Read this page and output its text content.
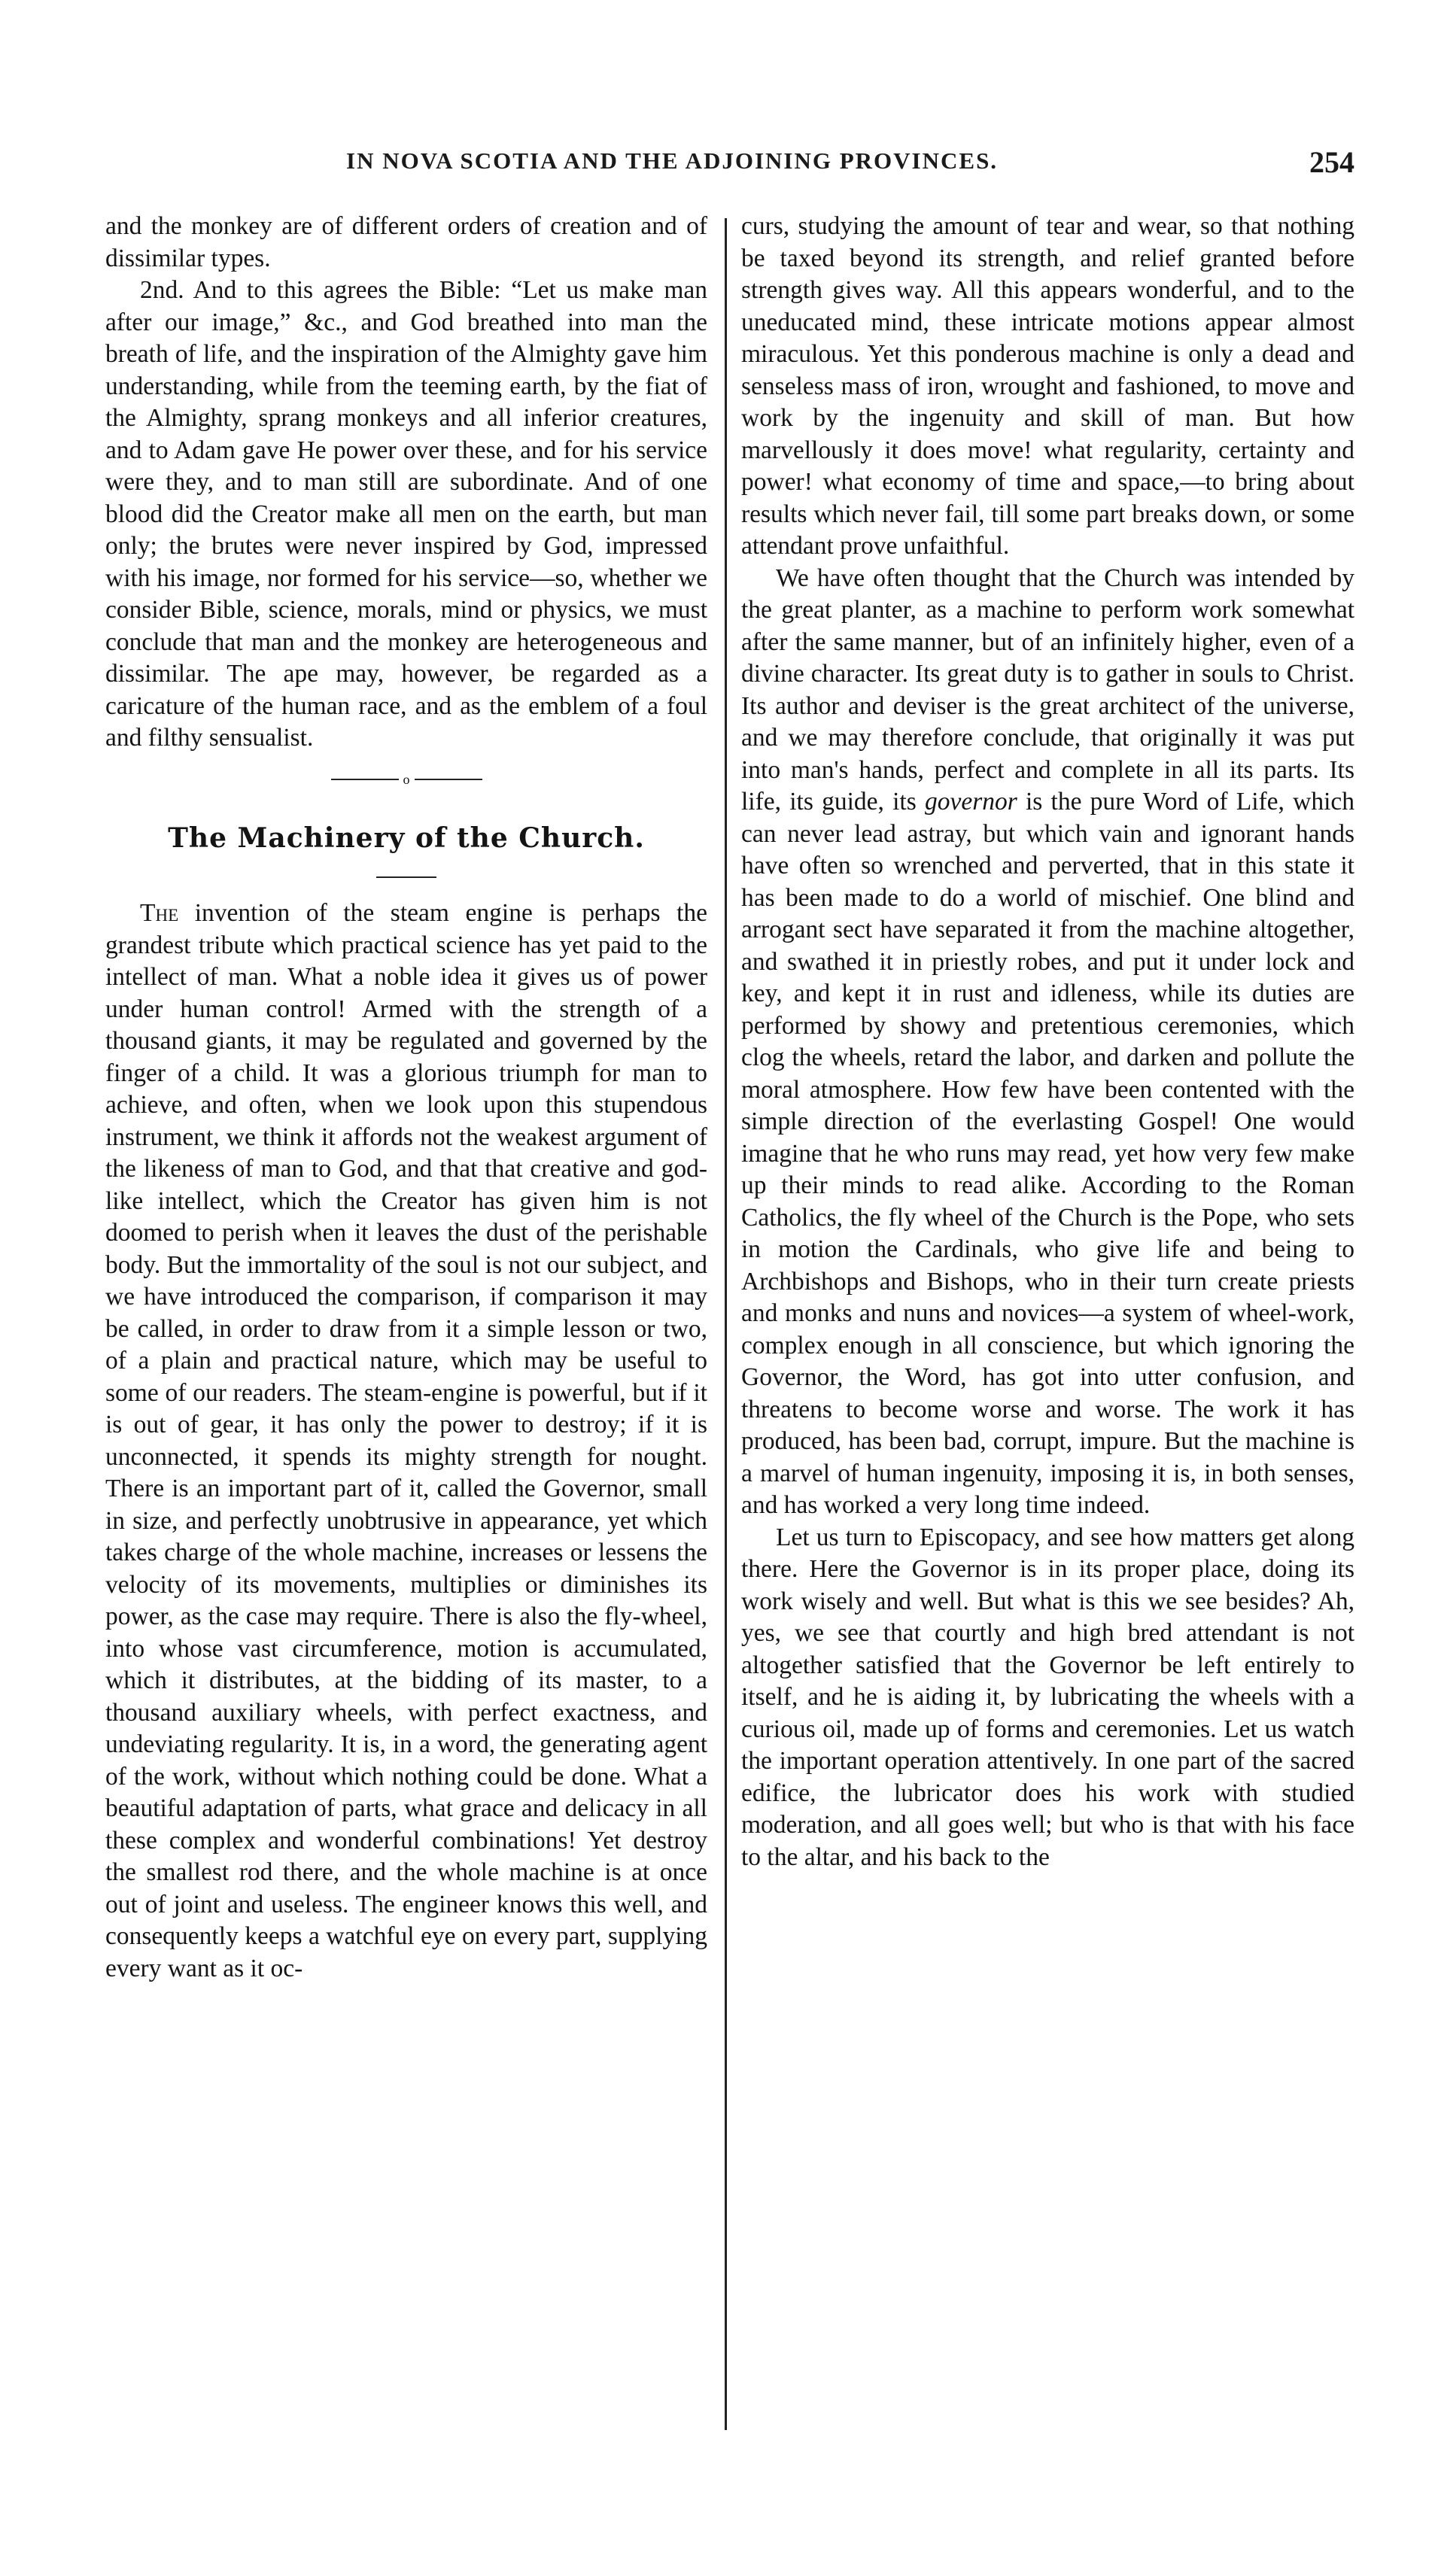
IN NOVA SCOTIA AND THE ADJOINING PROVINCES.	254

and the monkey are of different orders of creation and of dissimilar types.

2nd. And to this agrees the Bible: “Let us make man after our image,” &c., and God breathed into man the breath of life, and the inspiration of the Almighty gave him understanding, while from the teeming earth, by the fiat of the Almighty, sprang monkeys and all inferior creatures, and to Adam gave He power over these, and for his service were they, and to man still are subordinate. And of one blood did the Creator make all men on the earth, but man only; the brutes were never inspired by God, impressed with his image, nor formed for his service—so, whether we consider Bible, science, morals, mind or physics, we must conclude that man and the monkey are heterogeneous and dissimilar. The ape may, however, be regarded as a caricature of the human race, and as the emblem of a foul and filthy sensualist.

o
The Machinery of the Church.

The invention of the steam engine is perhaps the grandest tribute which practical science has yet paid to the intellect of man. What a noble idea it gives us of power under human control! Armed with the strength of a thousand giants, it may be regulated and governed by the finger of a child. It was a glorious triumph for man to achieve, and often, when we look upon this stupendous instrument, we think it affords not the weakest argument of the likeness of man to God, and that that creative and god-like intellect, which the Creator has given him is not doomed to perish when it leaves the dust of the perishable body. But the immortality of the soul is not our subject, and we have introduced the comparison, if comparison it may be called, in order to draw from it a simple lesson or two, of a plain and practical nature, which may be useful to some of our readers. The steam-engine is powerful, but if it is out of gear, it has only the power to destroy; if it is unconnected, it spends its mighty strength for nought. There is an important part of it, called the Governor, small in size, and perfectly unobtrusive in appearance, yet which takes charge of the whole machine, increases or lessens the velocity of its movements, multiplies or diminishes its power, as the case may require. There is also the fly-wheel, into whose vast circumference, motion is accumulated, which it distributes, at the bidding of its master, to a thousand auxiliary wheels, with perfect exactness, and undeviating regularity. It is, in a word, the generating agent of the work, without which nothing could be done. What a beautiful adaptation of parts, what grace and delicacy in all these complex and wonderful combinations! Yet destroy the smallest rod there, and the whole machine is at once out of joint and useless. The engineer knows this well, and consequently keeps a watchful eye on every part, supplying every want as it oc-

curs, studying the amount of tear and wear, so that nothing be taxed beyond its strength, and relief granted before strength gives way. All this appears wonderful, and to the uneducated mind, these intricate motions appear almost miraculous. Yet this ponderous machine is only a dead and senseless mass of iron, wrought and fashioned, to move and work by the ingenuity and skill of man. But how marvellously it does move! what regularity, certainty and power! what economy of time and space,—to bring about results which never fail, till some part breaks down, or some attendant prove unfaithful.

We have often thought that the Church was intended by the great planter, as a machine to perform work somewhat after the same manner, but of an infinitely higher, even of a divine character. Its great duty is to gather in souls to Christ. Its author and deviser is the great architect of the universe, and we may therefore conclude, that originally it was put into man's hands, perfect and complete in all its parts. Its life, its guide, its governor is the pure Word of Life, which can never lead astray, but which vain and ignorant hands have often so wrenched and perverted, that in this state it has been made to do a world of mischief. One blind and arrogant sect have separated it from the machine altogether, and swathed it in priestly robes, and put it under lock and key, and kept it in rust and idleness, while its duties are performed by showy and pretentious ceremonies, which clog the wheels, retard the labor, and darken and pollute the moral atmosphere. How few have been contented with the simple direction of the everlasting Gospel! One would imagine that he who runs may read, yet how very few make up their minds to read alike. According to the Roman Catholics, the fly wheel of the Church is the Pope, who sets in motion the Cardinals, who give life and being to Archbishops and Bishops, who in their turn create priests and monks and nuns and novices—a system of wheel-work, complex enough in all conscience, but which ignoring the Governor, the Word, has got into utter confusion, and threatens to become worse and worse. The work it has produced, has been bad, corrupt, impure. But the machine is a marvel of human ingenuity, imposing it is, in both senses, and has worked a very long time indeed.

Let us turn to Episcopacy, and see how matters get along there. Here the Governor is in its proper place, doing its work wisely and well. But what is this we see besides? Ah, yes, we see that courtly and high bred attendant is not altogether satisfied that the Governor be left entirely to itself, and he is aiding it, by lubricating the wheels with a curious oil, made up of forms and ceremonies. Let us watch the important operation attentively. In one part of the sacred edifice, the lubricator does his work with studied moderation, and all goes well; but who is that with his face to the altar, and his back to the
